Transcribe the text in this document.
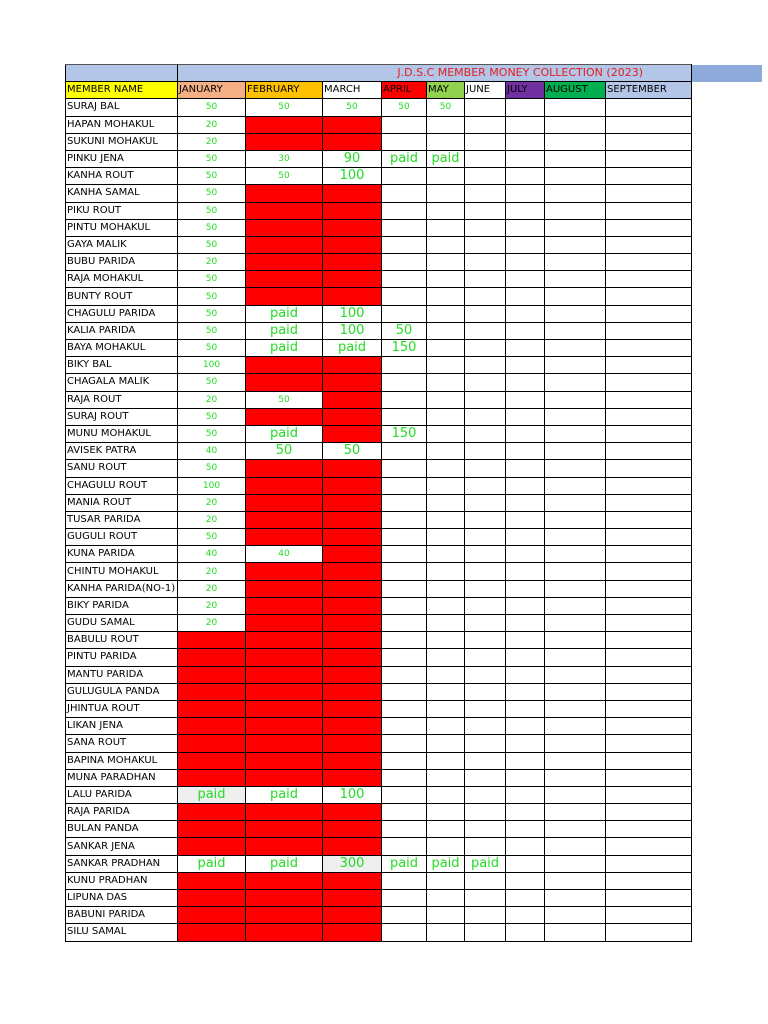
	J.D.S.C MEMBER MONEY COLLECTION (2023)								
MEMBER NAME	JANUARY	FEBRUARY	MARCH	APRIL	MAY	JUNE	JULY	AUGUST	SEPTEMBER
SURAJ BAL	50	50	50	50	50				
HAPAN MOHAKUL	20								
SUKUNI MOHAKUL	20								
PINKU JENA	50	30	90	paid	paid				
KANHA ROUT	50	50	100						
KANHA SAMAL	50								
PIKU ROUT	50								
PINTU MOHAKUL	50								
GAYA MALIK	50								
BUBU PARIDA	20								
RAJA MOHAKUL	50								
BUNTY ROUT	50								
CHAGULU PARIDA	50	paid	100						
KALIA PARIDA	50	paid	100	50					
BAYA MOHAKUL	50	paid	paid	150					
BIKY BAL	100								
CHAGALA MALIK	50								
RAJA ROUT	20	50							
SURAJ ROUT	50								
MUNU MOHAKUL	50	paid		150					
AVISEK PATRA	40	50	50						
SANU ROUT	50								
CHAGULU ROUT	100								
MANIA ROUT	20								
TUSAR PARIDA	20								
GUGULI ROUT	50								
KUNA PARIDA	40	40							
CHINTU MOHAKUL	20								
KANHA PARIDA(NO-1)	20								
BIKY PARIDA	20								
GUDU SAMAL	20								
BABULU ROUT									
PINTU PARIDA									
MANTU PARIDA									
GULUGULA PANDA									
JHINTUA ROUT									
LIKAN JENA									
SANA ROUT									
BAPINA MOHAKUL									
MUNA PARADHAN									
LALU PARIDA	paid	paid	100						
RAJA PARIDA									
BULAN PANDA									
SANKAR JENA									
SANKAR PRADHAN	paid	paid	300	paid	paid	paid			
KUNU PRADHAN									
LIPUNA DAS									
BABUNI PARIDA									
SILU SAMAL									
